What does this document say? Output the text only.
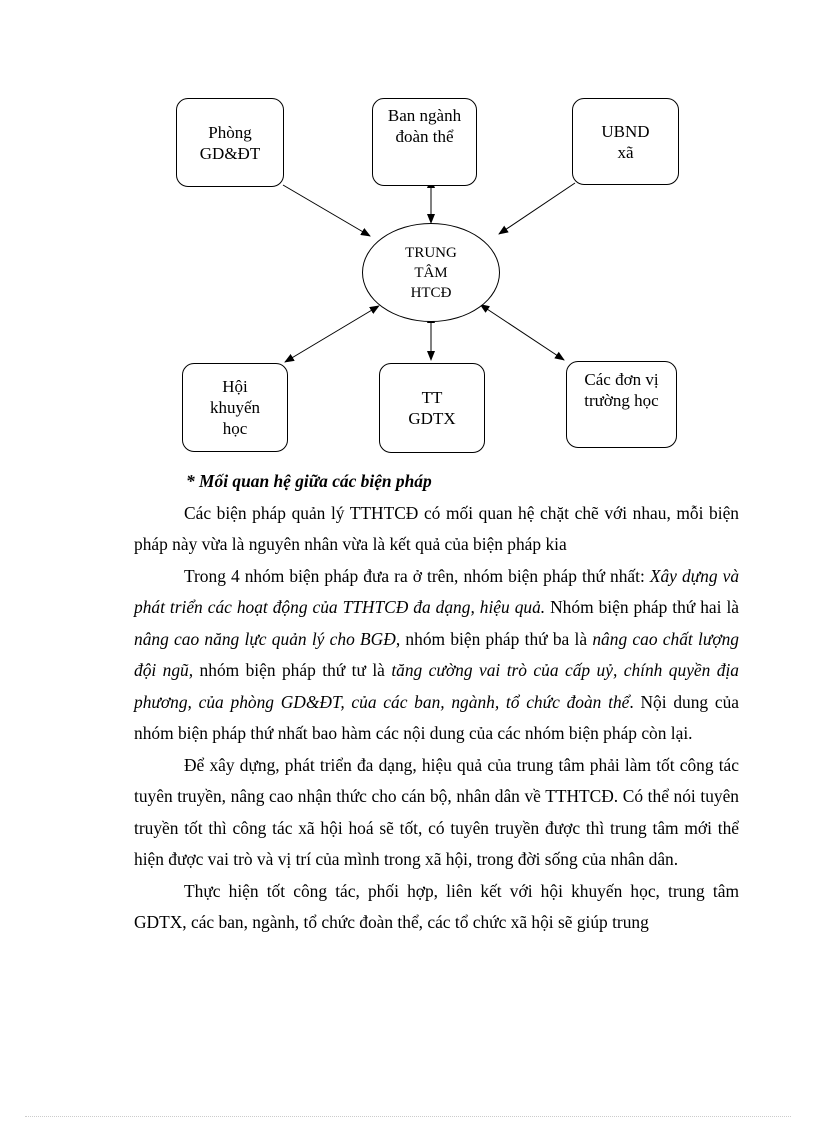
Phòng
GD&ĐT
Ban ngành
đoàn thể	UBND
xã
TRUNG
TÂM
HTCĐ
Hội
khuyến
học
TT
GDTX
Các đơn vị
trường học

* Mối quan hệ giữa các biện pháp

Các biện pháp quản lý TTHTCĐ có mối quan hệ chặt chẽ với nhau, mỗi biện pháp này vừa là nguyên nhân vừa là kết quả của biện pháp kia

Trong 4 nhóm biện pháp đưa ra ở trên, nhóm biện pháp thứ nhất: Xây dựng và phát triển các hoạt động của TTHTCĐ đa dạng, hiệu quả. Nhóm biện pháp thứ hai là nâng cao năng lực quản lý cho BGĐ, nhóm biện pháp thứ ba là nâng cao chất lượng đội ngũ, nhóm biện pháp thứ tư là tăng cường vai trò của cấp uỷ, chính quyền địa phương, của phòng GD&ĐT, của các ban, ngành, tổ chức đoàn thể. Nội dung của nhóm biện pháp thứ nhất bao hàm các nội dung của các nhóm biện pháp còn lại.

Để xây dựng, phát triển đa dạng, hiệu quả của trung tâm phải làm tốt công tác tuyên truyền, nâng cao nhận thức cho cán bộ, nhân dân về TTHTCĐ. Có thể nói tuyên truyền tốt thì công tác xã hội hoá sẽ tốt, có tuyên truyền được thì trung tâm mới thể hiện được vai trò và vị trí của mình trong xã hội, trong đời sống của nhân dân.

Thực hiện tốt công tác, phối hợp, liên kết với hội khuyến học, trung tâm GDTX, các ban, ngành, tổ chức đoàn thể, các tổ chức xã hội sẽ giúp trung
